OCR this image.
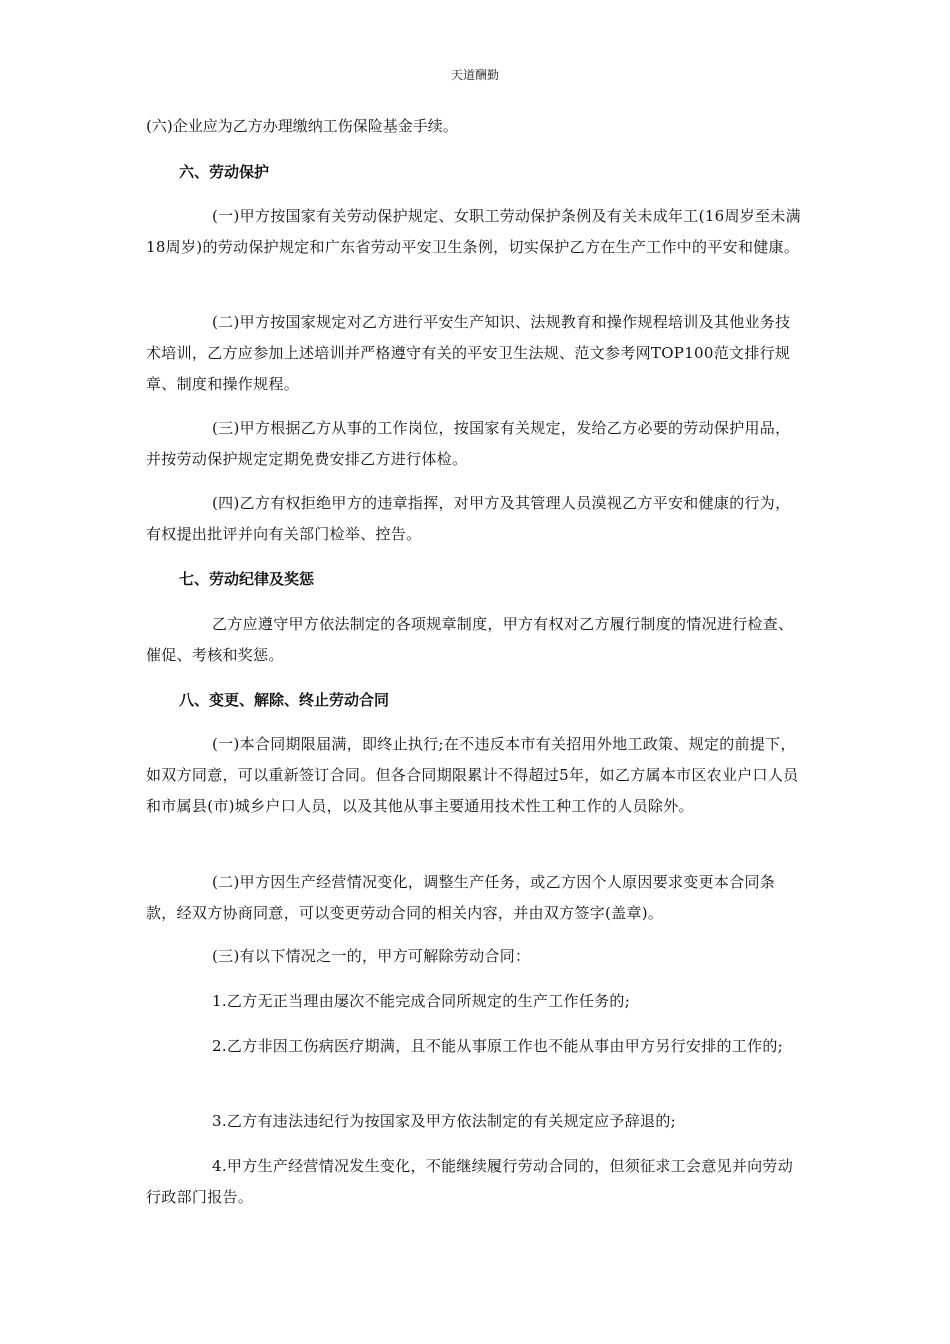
天道酬勤
(六)企业应为乙方办理缴纳工伤保险基金手续。
六、劳动保护
(一)甲方按国家有关劳动保护规定、女职工劳动保护条例及有关未成年工(16周岁至未满18周岁)的劳动保护规定和广东省劳动平安卫生条例，切实保护乙方在生产工作中的平安和健康。
(二)甲方按国家规定对乙方进行平安生产知识、法规教育和操作规程培训及其他业务技术培训，乙方应参加上述培训并严格遵守有关的平安卫生法规、范文参考网TOP100范文排行规章、制度和操作规程。
(三)甲方根据乙方从事的工作岗位，按国家有关规定，发给乙方必要的劳动保护用品，并按劳动保护规定定期免费安排乙方进行体检。
(四)乙方有权拒绝甲方的违章指挥，对甲方及其管理人员漠视乙方平安和健康的行为，有权提出批评并向有关部门检举、控告。
七、劳动纪律及奖惩
乙方应遵守甲方依法制定的各项规章制度，甲方有权对乙方履行制度的情况进行检查、催促、考核和奖惩。
八、变更、解除、终止劳动合同
(一)本合同期限届满，即终止执行;在不违反本市有关招用外地工政策、规定的前提下，如双方同意，可以重新签订合同。但各合同期限累计不得超过5年，如乙方属本市区农业户口人员和市属县(市)城乡户口人员，以及其他从事主要通用技术性工种工作的人员除外。
(二)甲方因生产经营情况变化，调整生产任务，或乙方因个人原因要求变更本合同条款，经双方协商同意，可以变更劳动合同的相关内容，并由双方签字(盖章)。
(三)有以下情况之一的，甲方可解除劳动合同：
1.乙方无正当理由屡次不能完成合同所规定的生产工作任务的;
2.乙方非因工伤病医疗期满，且不能从事原工作也不能从事由甲方另行安排的工作的;
3.乙方有违法违纪行为按国家及甲方依法制定的有关规定应予辞退的;
4.甲方生产经营情况发生变化，不能继续履行劳动合同的，但须征求工会意见并向劳动行政部门报告。
